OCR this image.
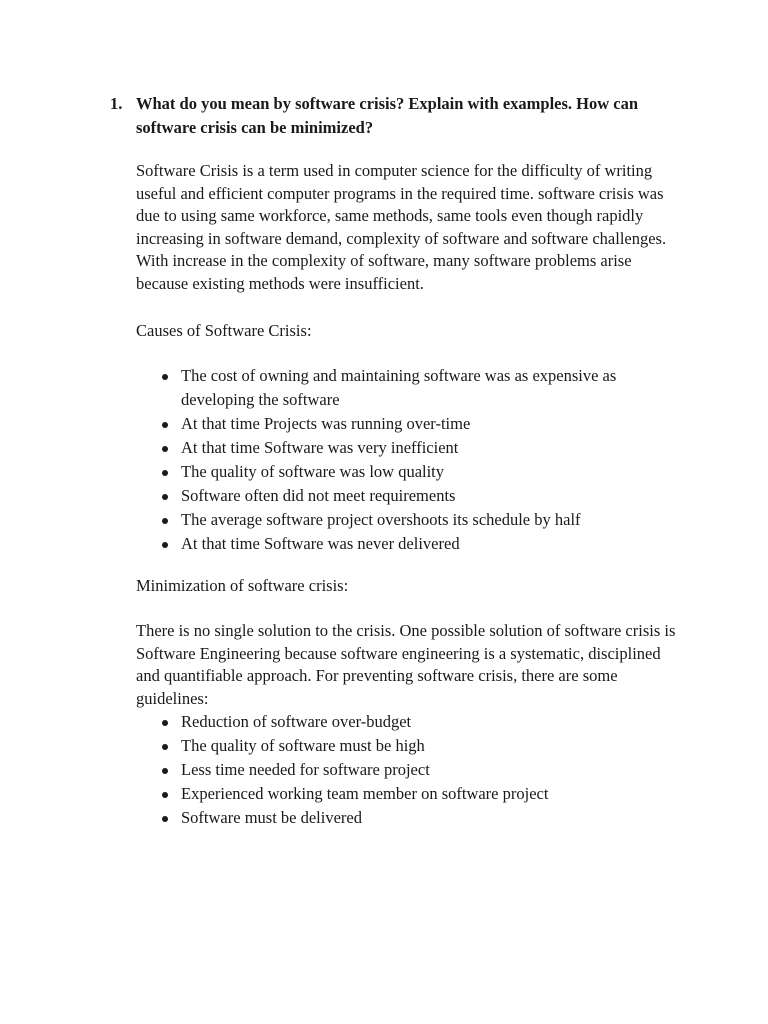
1. What do you mean by software crisis? Explain with examples. How can software crisis can be minimized?

Software Crisis is a term used in computer science for the difficulty of writing useful and efficient computer programs in the required time. software crisis was due to using same workforce, same methods, same tools even though rapidly increasing in software demand, complexity of software and software challenges. With increase in the complexity of software, many software problems arise because existing methods were insufficient.

Causes of Software Crisis:

The cost of owning and maintaining software was as expensive as developing the software
At that time Projects was running over-time
At that time Software was very inefficient
The quality of software was low quality
Software often did not meet requirements
The average software project overshoots its schedule by half
At that time Software was never delivered

Minimization of software crisis:

There is no single solution to the crisis. One possible solution of software crisis is Software Engineering because software engineering is a systematic, disciplined and quantifiable approach. For preventing software crisis, there are some guidelines:

Reduction of software over-budget
The quality of software must be high
Less time needed for software project
Experienced working team member on software project
Software must be delivered
